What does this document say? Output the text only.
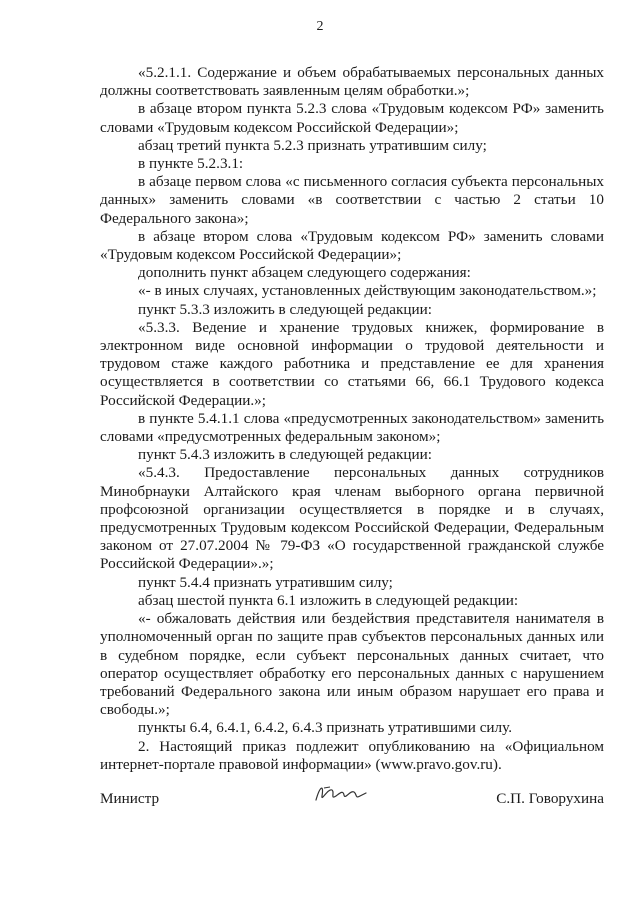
2

«5.2.1.1. Содержание и объем обрабатываемых персональных данных должны соответствовать заявленным целям обработки.»;

в абзаце втором пункта 5.2.3 слова «Трудовым кодексом РФ» заменить словами «Трудовым кодексом Российской Федерации»;

абзац третий пункта 5.2.3 признать утратившим силу;

в пункте 5.2.3.1:

в абзаце первом слова «с письменного согласия субъекта персональных данных» заменить словами «в соответствии с частью 2 статьи 10 Федерального закона»;

в абзаце втором слова «Трудовым кодексом РФ» заменить словами «Трудовым кодексом Российской Федерации»;

дополнить пункт абзацем следующего содержания:

«- в иных случаях, установленных действующим законодательством.»;

пункт 5.3.3 изложить в следующей редакции:

«5.3.3. Ведение и хранение трудовых книжек, формирование в электронном виде основной информации о трудовой деятельности и трудовом стаже каждого работника и представление ее для хранения осуществляется в соответствии со статьями 66, 66.1 Трудового кодекса Российской Федерации.»;

в пункте 5.4.1.1 слова «предусмотренных законодательством» заменить словами «предусмотренных федеральным законом»;

пункт 5.4.3 изложить в следующей редакции:

«5.4.3. Предоставление персональных данных сотрудников Минобрнауки Алтайского края членам выборного органа первичной профсоюзной организации осуществляется в порядке и в случаях, предусмотренных Трудовым кодексом Российской Федерации, Федеральным законом от 27.07.2004 № 79-ФЗ «О государственной гражданской службе Российской Федерации».»;

пункт 5.4.4 признать утратившим силу;

абзац шестой пункта 6.1 изложить в следующей редакции:

«- обжаловать действия или бездействия представителя нанимателя в уполномоченный орган по защите прав субъектов персональных данных или в судебном порядке, если субъект персональных данных считает, что оператор осуществляет обработку его персональных данных с нарушением требований Федерального закона или иным образом нарушает его права и свободы.»;

пункты 6.4, 6.4.1, 6.4.2, 6.4.3 признать утратившими силу.

2. Настоящий приказ подлежит опубликованию на «Официальном интернет-портале правовой информации» (www.pravo.gov.ru).

Министр	С.П. Говорухина
